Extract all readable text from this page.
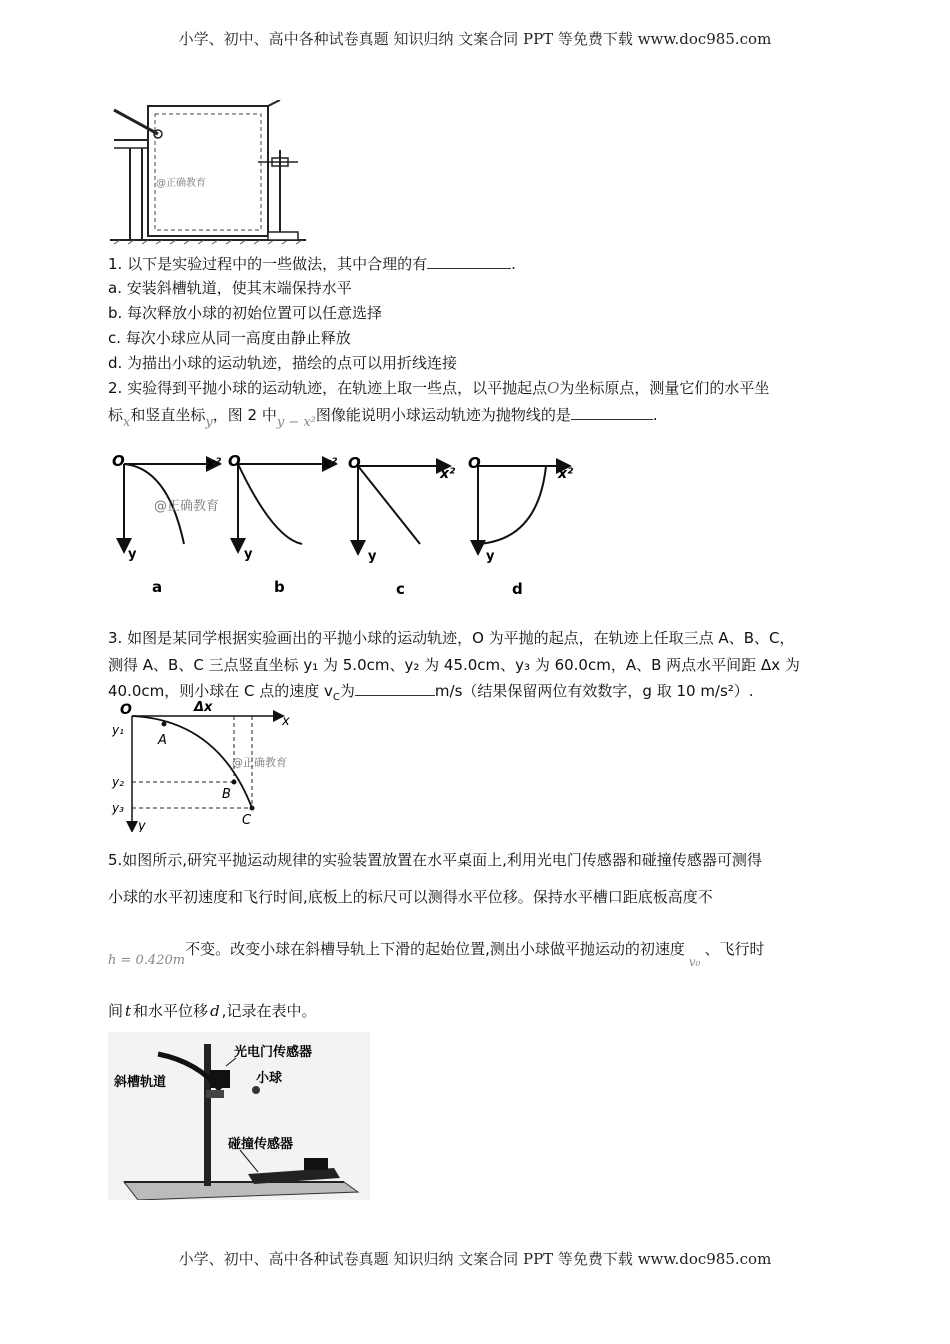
小学、初中、高中各种试卷真题 知识归纳 文案合同 PPT 等免费下载 www.doc985.com
@正确教育
1. 以下是实验过程中的一些做法，其中合理的有	.
a. 安装斜槽轨道，使其末端保持水平
b. 每次释放小球的初始位置可以任意选择
c. 每次小球应从同一高度由静止释放
d. 为描出小球的运动轨迹，描绘的点可以用折线连接
2. 实验得到平抛小球的运动轨迹，在轨迹上取一些点，以平抛起点O为坐标原点，测量它们的水平坐
标x和竖直坐标y，图 2 中y − x²图像能说明小球运动轨迹为抛物线的是	.
O	x²
y
a
@正确教育
O	x²
y
b
O
x²
y
c
O
x²
y
d
3. 如图是某同学根据实验画出的平抛小球的运动轨迹，O 为平抛的起点，在轨迹上任取三点 A、B、C，
测得 A、B、C 三点竖直坐标 y₁ 为 5.0cm、y₂ 为 45.0cm、y₃ 为 60.0cm，A、B 两点水平间距 Δx 为
40.0cm，则小球在 C 点的速度 $v_C$为	m/s（结果保留两位有效数字，g 取 10 m/s²）.
O	Δx
x
y
A
B
C
y₁
y₂
y₃
@正确教育
5.如图所示,研究平抛运动规律的实验装置放置在水平桌面上,利用光电门传感器和碰撞传感器可测得
小球的水平初速度和飞行时间,底板上的标尺可以测得水平位移。保持水平槽口距底板高度不
h = 0.420m不变。改变小球在斜槽导轨上下滑的起始位置,测出小球做平抛运动的初速度$_{v_0}$、飞行时
间 t 和水平位移 d ,记录在表中。
斜槽轨道
光电门传感器
小球
碰撞传感器
小学、初中、高中各种试卷真题 知识归纳 文案合同 PPT 等免费下载 www.doc985.com
